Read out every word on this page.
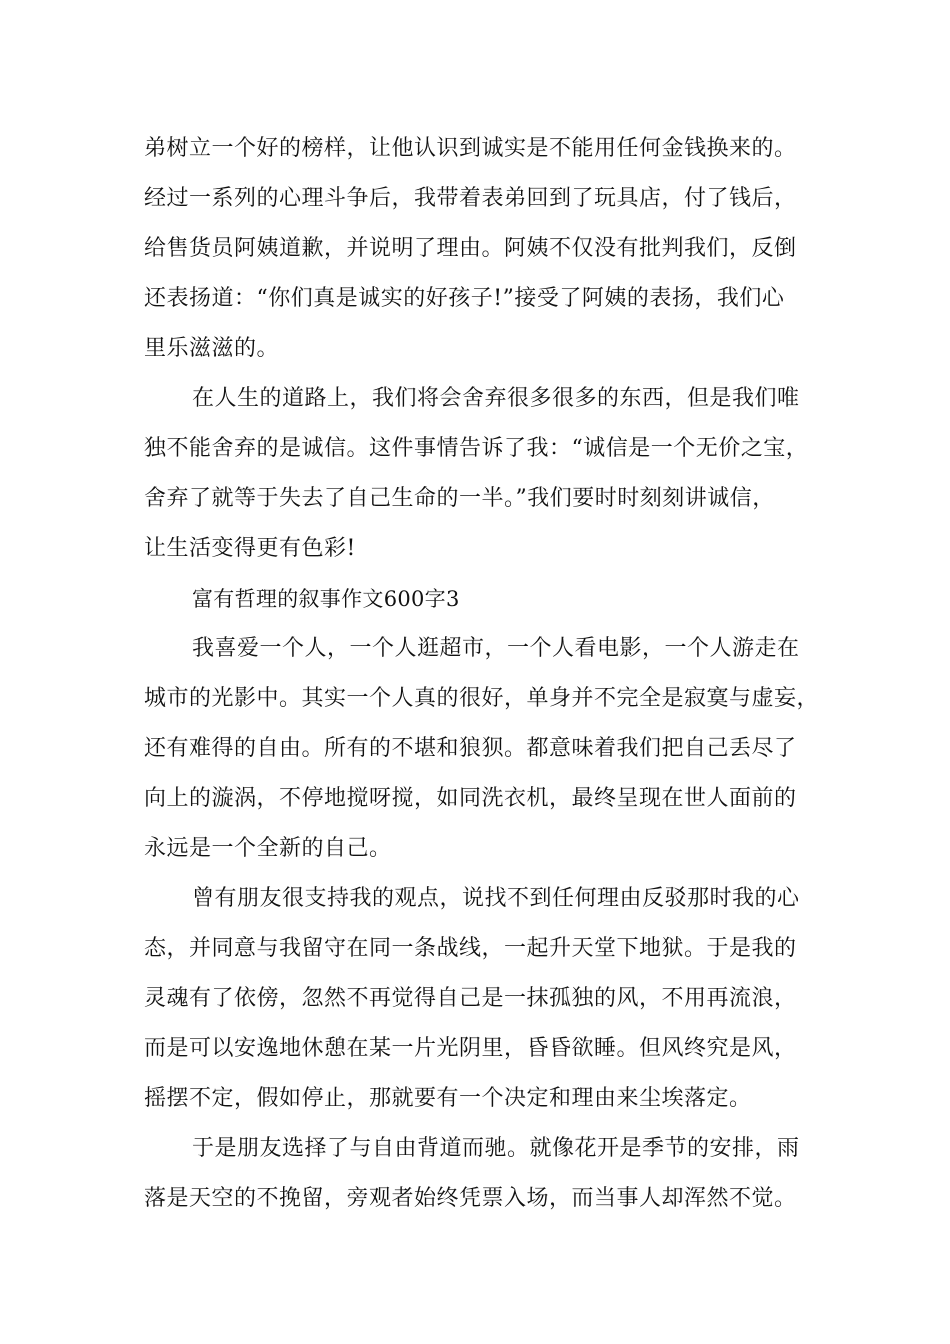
弟树立一个好的榜样，让他认识到诚实是不能用任何金钱换来的。
经过一系列的心理斗争后，我带着表弟回到了玩具店，付了钱后，
给售货员阿姨道歉，并说明了理由。阿姨不仅没有批判我们，反倒
还表扬道：“你们真是诚实的好孩子!”接受了阿姨的表扬，我们心
里乐滋滋的。
在人生的道路上，我们将会舍弃很多很多的东西，但是我们唯
独不能舍弃的是诚信。这件事情告诉了我：“诚信是一个无价之宝，
舍弃了就等于失去了自己生命的一半。”我们要时时刻刻讲诚信，
让生活变得更有色彩!
富有哲理的叙事作文600字3
我喜爱一个人，一个人逛超市，一个人看电影，一个人游走在
城市的光影中。其实一个人真的很好，单身并不完全是寂寞与虚妄，
还有难得的自由。所有的不堪和狼狈。都意味着我们把自己丢尽了
向上的漩涡，不停地搅呀搅，如同洗衣机，最终呈现在世人面前的
永远是一个全新的自己。
曾有朋友很支持我的观点，说找不到任何理由反驳那时我的心
态，并同意与我留守在同一条战线，一起升天堂下地狱。于是我的
灵魂有了依傍，忽然不再觉得自己是一抹孤独的风，不用再流浪，
而是可以安逸地休憩在某一片光阴里，昏昏欲睡。但风终究是风，
摇摆不定，假如停止，那就要有一个决定和理由来尘埃落定。
于是朋友选择了与自由背道而驰。就像花开是季节的安排，雨
落是天空的不挽留，旁观者始终凭票入场，而当事人却浑然不觉。
